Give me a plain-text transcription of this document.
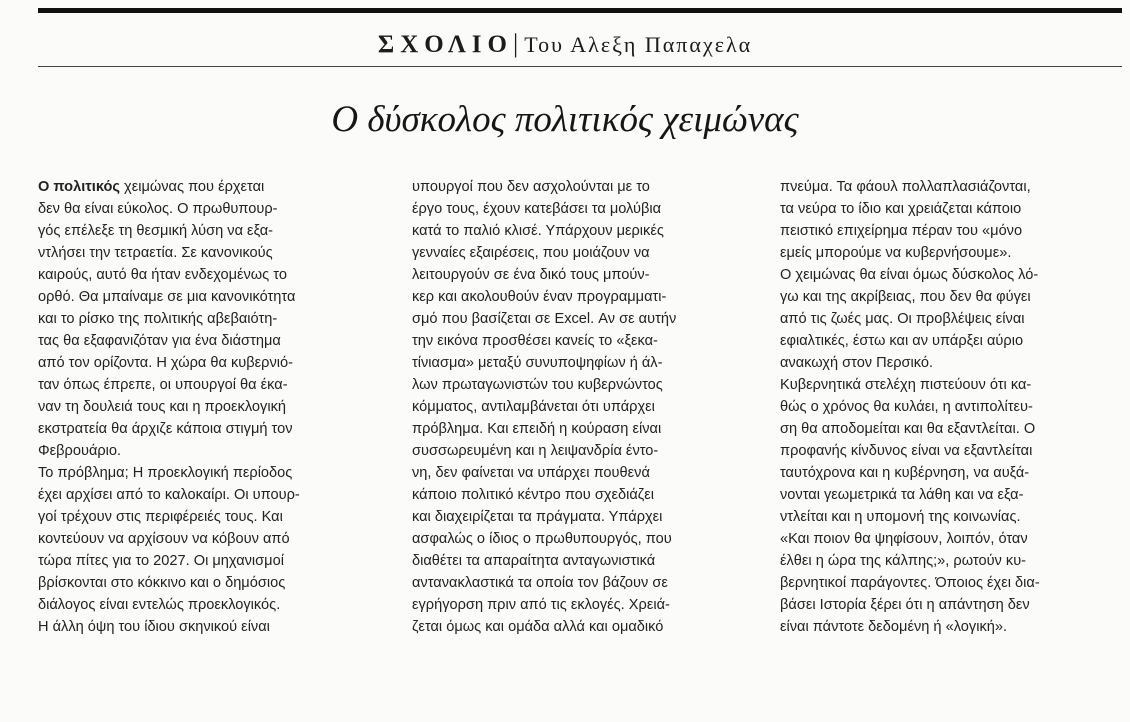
ΣΧΟΛΙΟ| Του Αλεξη Παπαχελα
Ο δύσκολος πολιτικός χειμώνας
Ο πολιτικός χειμώνας που έρχεται
δεν θα είναι εύκολος. Ο πρωθυπουρ-
γός επέλεξε τη θεσμική λύση να εξα-
ντλήσει την τετραετία. Σε κανονικούς
καιρούς, αυτό θα ήταν ενδεχομένως το
ορθό. Θα μπαίναμε σε μια κανονικότητα
και το ρίσκο της πολιτικής αβεβαιότη-
τας θα εξαφανιζόταν για ένα διάστημα
από τον ορίζοντα. Η χώρα θα κυβερνιό-
ταν όπως έπρεπε, οι υπουργοί θα έκα-
ναν τη δουλειά τους και η προεκλογική
εκστρατεία θα άρχιζε κάποια στιγμή τον
Φεβρουάριο.
Το πρόβλημα; Η προεκλογική περίοδος
έχει αρχίσει από το καλοκαίρι. Οι υπουρ-
γοί τρέχουν στις περιφέρειές τους. Και
κοντεύουν να αρχίσουν να κόβουν από
τώρα πίτες για το 2027. Οι μηχανισμοί
βρίσκονται στο κόκκινο και ο δημόσιος
διάλογος είναι εντελώς προεκλογικός.
Η άλλη όψη του ίδιου σκηνικού είναι
υπουργοί που δεν ασχολούνται με το
έργο τους, έχουν κατεβάσει τα μολύβια
κατά το παλιό κλισέ. Υπάρχουν μερικές
γενναίες εξαιρέσεις, που μοιάζουν να
λειτουργούν σε ένα δικό τους μπούν-
κερ και ακολουθούν έναν προγραμματι-
σμό που βασίζεται σε Excel. Αν σε αυτήν
την εικόνα προσθέσει κανείς το «ξεκα-
τίνιασμα» μεταξύ συνυποψηφίων ή άλ-
λων πρωταγωνιστών του κυβερνώντος
κόμματος, αντιλαμβάνεται ότι υπάρχει
πρόβλημα. Και επειδή η κούραση είναι
συσσωρευμένη και η λειψανδρία έντο-
νη, δεν φαίνεται να υπάρχει πουθενά
κάποιο πολιτικό κέντρο που σχεδιάζει
και διαχειρίζεται τα πράγματα. Υπάρχει
ασφαλώς ο ίδιος ο πρωθυπουργός, που
διαθέτει τα απαραίτητα ανταγωνιστικά
αντανακλαστικά τα οποία τον βάζουν σε
εγρήγορση πριν από τις εκλογές. Χρειά-
ζεται όμως και ομάδα αλλά και ομαδικό
πνεύμα. Τα φάουλ πολλαπλασιάζονται,
τα νεύρα το ίδιο και χρειάζεται κάποιο
πειστικό επιχείρημα πέραν του «μόνο
εμείς μπορούμε να κυβερνήσουμε».
Ο χειμώνας θα είναι όμως δύσκολος λό-
γω και της ακρίβειας, που δεν θα φύγει
από τις ζωές μας. Οι προβλέψεις είναι
εφιαλτικές, έστω και αν υπάρξει αύριο
ανακωχή στον Περσικό.
Κυβερνητικά στελέχη πιστεύουν ότι κα-
θώς ο χρόνος θα κυλάει, η αντιπολίτευ-
ση θα αποδομείται και θα εξαντλείται. Ο
προφανής κίνδυνος είναι να εξαντλείται
ταυτόχρονα και η κυβέρνηση, να αυξά-
νονται γεωμετρικά τα λάθη και να εξα-
ντλείται και η υπομονή της κοινωνίας.
«Και ποιον θα ψηφίσουν, λοιπόν, όταν
έλθει η ώρα της κάλπης;», ρωτούν κυ-
βερνητικοί παράγοντες. Όποιος έχει δια-
βάσει Ιστορία ξέρει ότι η απάντηση δεν
είναι πάντοτε δεδομένη ή «λογική».
